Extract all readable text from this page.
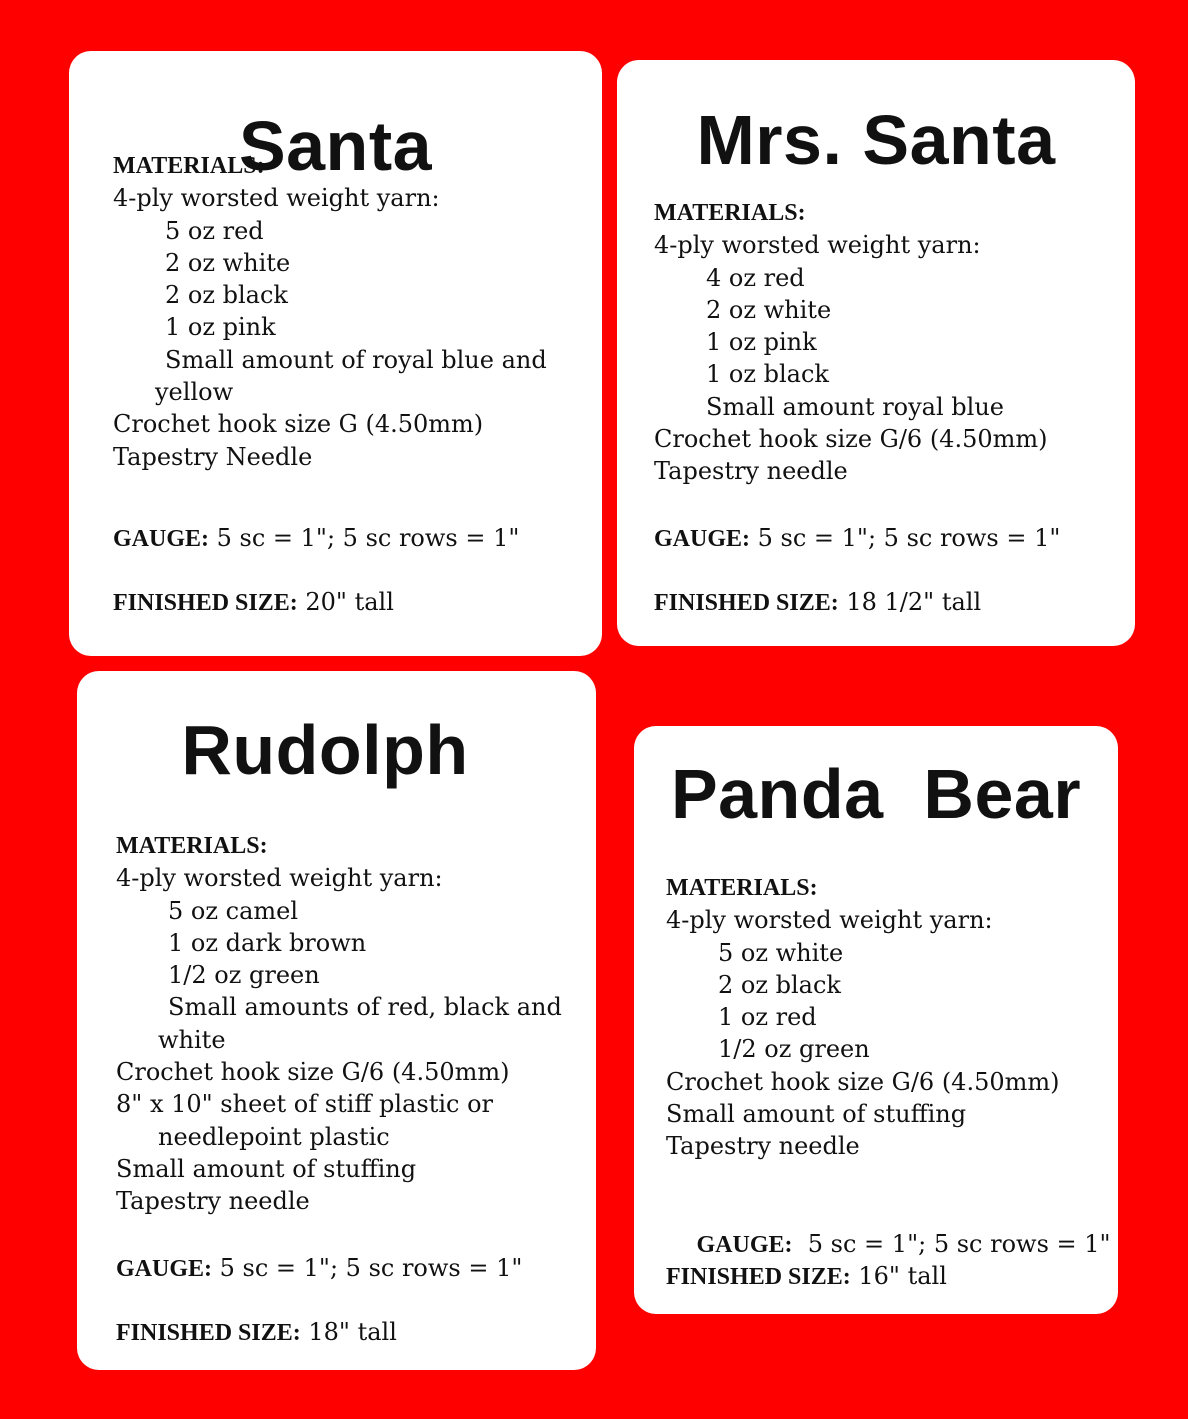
Santa
MATERIALS:
4-ply worsted weight yarn:
5 oz red
2 oz white
2 oz black
1 oz pink
Small amount of royal blue and
yellow
Crochet hook size G (4.50mm)
Tapestry Needle
GAUGE: 5 sc = 1"; 5 sc rows = 1"
FINISHED SIZE: 20" tall
Mrs. Santa
MATERIALS:
4-ply worsted weight yarn:
4 oz red
2 oz white
1 oz pink
1 oz black
Small amount royal blue
Crochet hook size G/6 (4.50mm)
Tapestry needle
GAUGE: 5 sc = 1"; 5 sc rows = 1"
FINISHED SIZE: 18 1/2" tall
Rudolph
MATERIALS:
4-ply worsted weight yarn:
5 oz camel
1 oz dark brown
1/2 oz green
Small amounts of red, black and
white
Crochet hook size G/6 (4.50mm)
8" x 10" sheet of stiff plastic or
needlepoint plastic
Small amount of stuffing
Tapestry needle
GAUGE: 5 sc = 1"; 5 sc rows = 1"
FINISHED SIZE: 18" tall
Panda  Bear
MATERIALS:
4-ply worsted weight yarn:
5 oz white
2 oz black
1 oz red
1/2 oz green
Crochet hook size G/6 (4.50mm)
Small amount of stuffing
Tapestry needle

GAUGE:  5 sc = 1"; 5 sc rows = 1"

FINISHED SIZE: 16" tall
